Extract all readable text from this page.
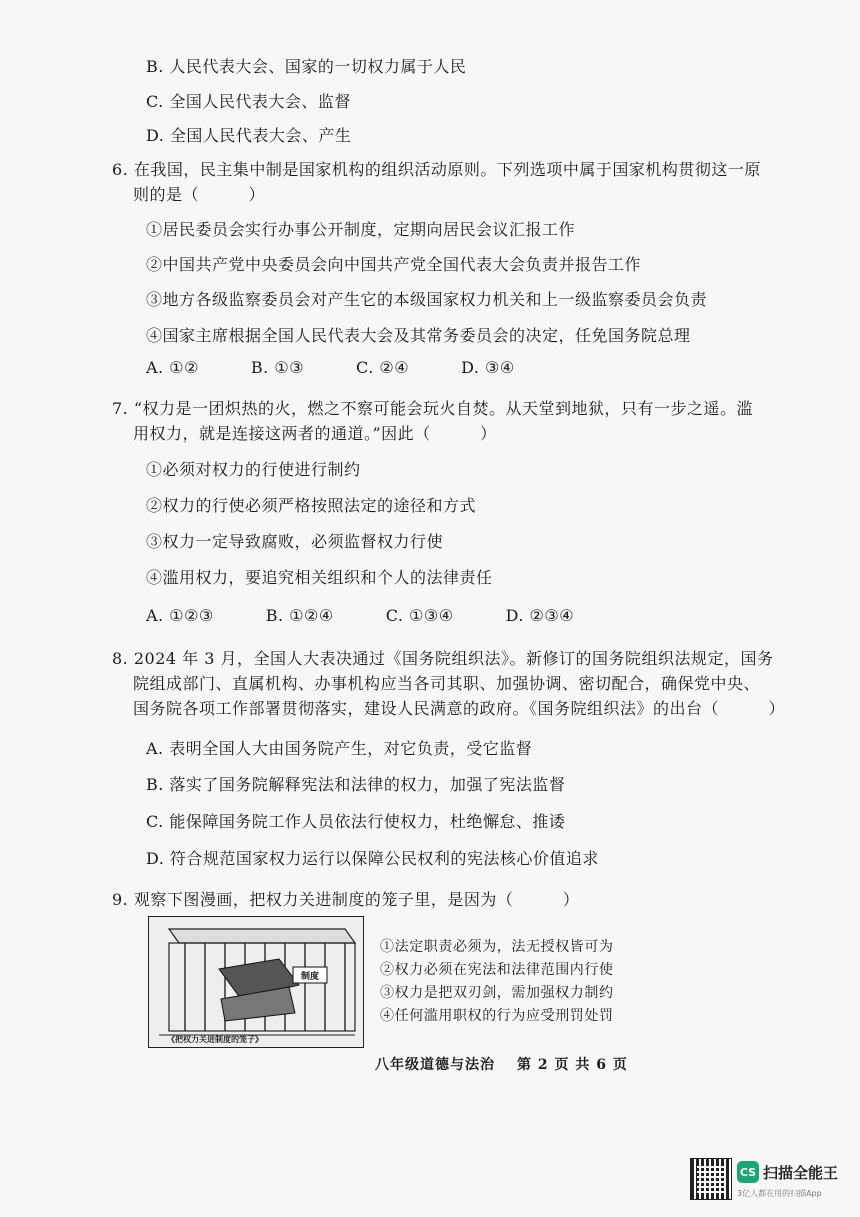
B. 人民代表大会、国家的一切权力属于人民
C. 全国人民代表大会、监督
D. 全国人民代表大会、产生
6. 在我国，民主集中制是国家机构的组织活动原则。下列选项中属于国家机构贯彻这一原
则的是（　　　）
①居民委员会实行办事公开制度，定期向居民会议汇报工作
②中国共产党中央委员会向中国共产党全国代表大会负责并报告工作
③地方各级监察委员会对产生它的本级国家权力机关和上一级监察委员会负责
④国家主席根据全国人民代表大会及其常务委员会的决定，任免国务院总理
A. ①②	B. ①③	C. ②④	D. ③④
7. “权力是一团炽热的火，燃之不察可能会玩火自焚。从天堂到地狱，只有一步之遥。滥
用权力，就是连接这两者的通道。”因此（　　　）
①必须对权力的行使进行制约
②权力的行使必须严格按照法定的途径和方式
③权力一定导致腐败，必须监督权力行使
④滥用权力，要追究相关组织和个人的法律责任
A. ①②③	B. ①②④	C. ①③④	D. ②③④
8. 2024 年 3 月，全国人大表决通过《国务院组织法》。新修订的国务院组织法规定，国务
院组成部门、直属机构、办事机构应当各司其职、加强协调、密切配合，确保党中央、
国务院各项工作部署贯彻落实，建设人民满意的政府。《国务院组织法》的出台（　　　）
A. 表明全国人大由国务院产生，对它负责，受它监督
B. 落实了国务院解释宪法和法律的权力，加强了宪法监督
C. 能保障国务院工作人员依法行使权力，杜绝懈怠、推诿
D. 符合规范国家权力运行以保障公民权利的宪法核心价值追求
9. 观察下图漫画，把权力关进制度的笼子里，是因为（　　　）
制度
《把权力关进制度的笼子》
①法定职责必须为，法无授权皆可为
②权力必须在宪法和法律范围内行使
③权力是把双刃剑，需加强权力制约
④任何滥用职权的行为应受刑罚处罚
八年级道德与法治 第 2 页 共 6 页
CS 扫描全能王
3亿人都在用的扫描App
